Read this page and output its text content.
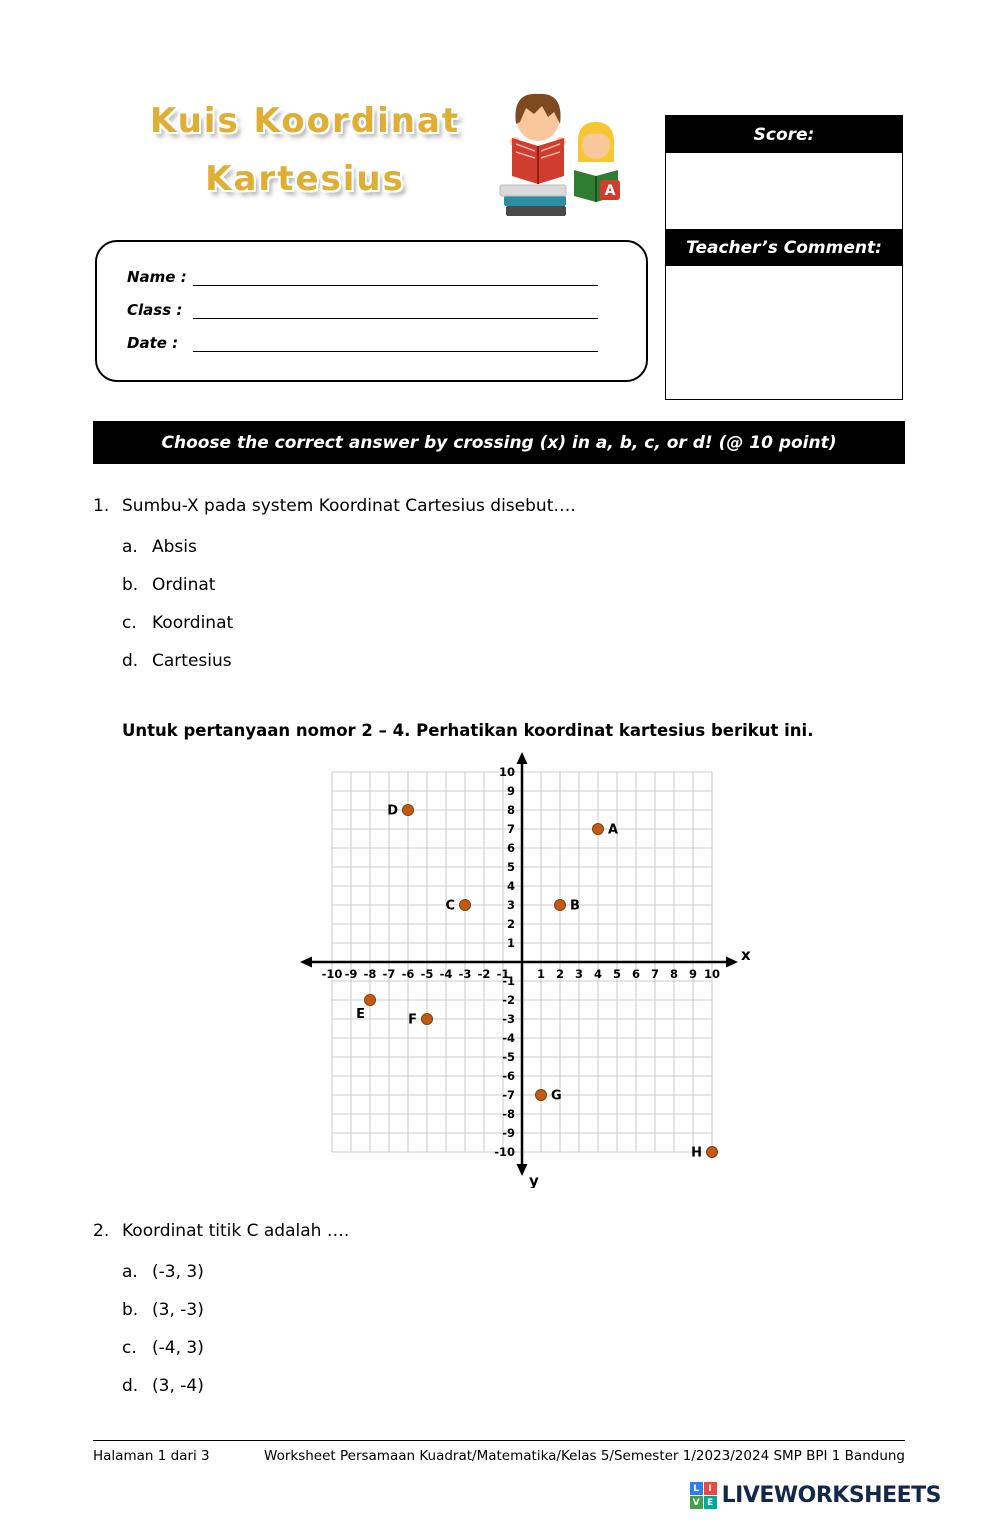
Kuis Koordinat
Kartesius	A
Score:
Teacher’s Comment:
Name :
Class :
Date :
Choose the correct answer by crossing (x) in a, b, c, or d! (@ 10 point)
1. Sumbu-X pada system Koordinat Cartesius disebut….
a. Absis
b. Ordinat
c. Koordinat
d. Cartesius
Untuk pertanyaan nomor 2 – 4. Perhatikan koordinat kartesius berikut ini.
x
y
-10 -9 -8 -7 -6 -5 -4 -3 -2 -1 1 2 3 4 5 6 7 8 9 10
-10
-9
-8
-7
-6
-5
-4
-3
-2
-1
1
2
3
4
5
6
7
8
9
10
A
B
C
D
E	F
G
H
2. Koordinat titik C adalah ….
a. (-3, 3)
b. (3, -3)
c. (-4, 3)
d. (3, -4)
Halaman 1 dari 3	Worksheet Persamaan Kuadrat/Matematika/Kelas 5/Semester 1/2023/2024 SMP BPI 1 Bandung
L	I
V E LIVEWORKSHEETS
